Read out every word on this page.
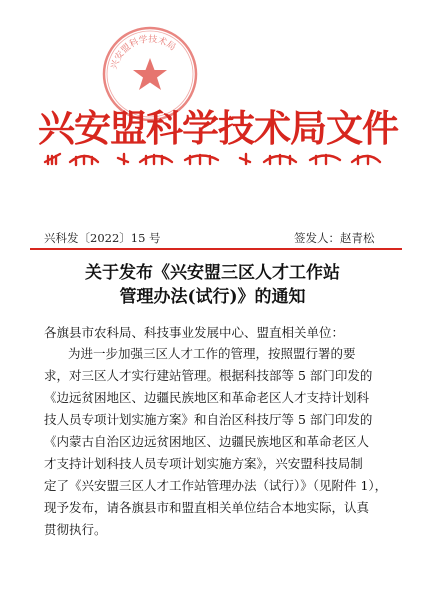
兴安盟科学技术局
兴安盟科学技术局文件
兴科发〔2022〕15 号	签发人：赵青松
关于发布《兴安盟三区人才工作站
管理办法(试行)》的通知
各旗县市农科局、科技事业发展中心、盟直相关单位：
为进一步加强三区人才工作的管理，按照盟行署的要
求，对三区人才实行建站管理。根据科技部等 5 部门印发的
《边远贫困地区、边疆民族地区和革命老区人才支持计划科
技人员专项计划实施方案》和自治区科技厅等 5 部门印发的
《内蒙古自治区边远贫困地区、边疆民族地区和革命老区人
才支持计划科技人员专项计划实施方案》，兴安盟科技局制
定了《兴安盟三区人才工作站管理办法（试行）》（见附件 1），
现予发布，请各旗县市和盟直相关单位结合本地实际，认真
贯彻执行。
